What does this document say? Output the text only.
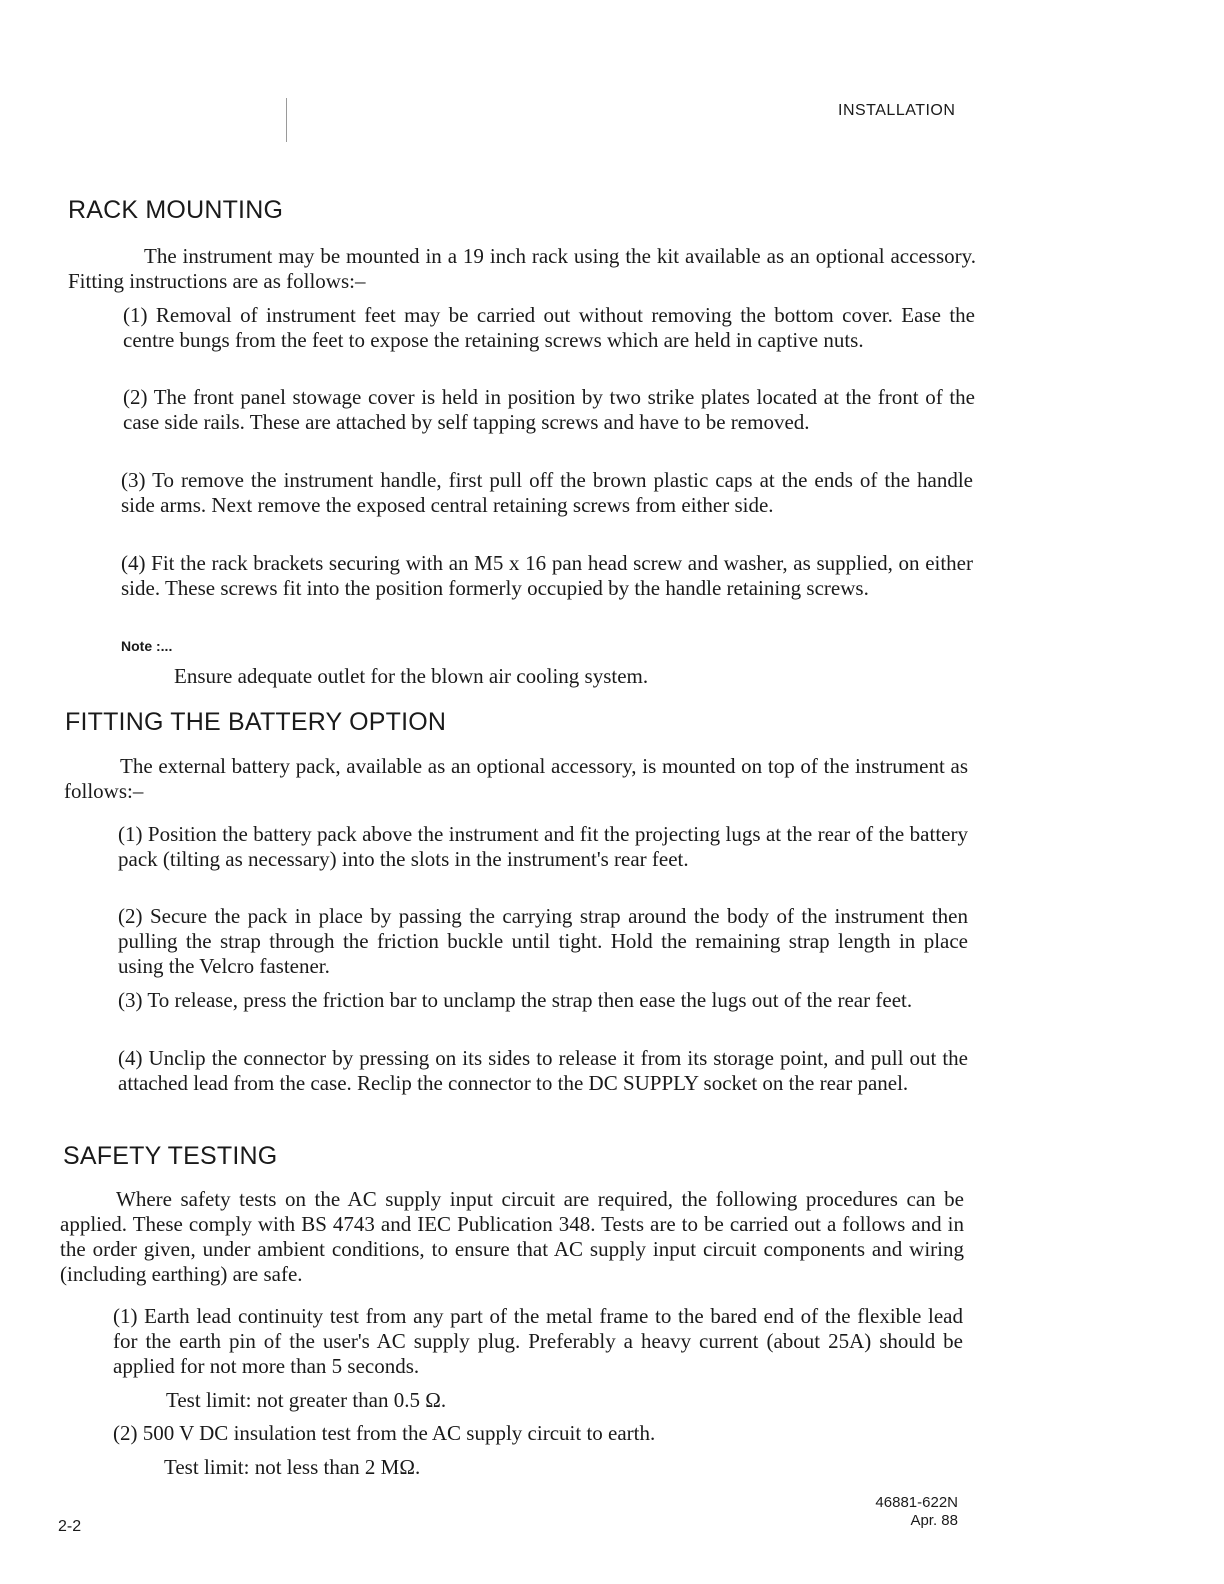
INSTALLATION
RACK MOUNTING
The instrument may be mounted in a 19 inch rack using the kit available as an optional accessory. Fitting instructions are as follows:–
(1) Removal of instrument feet may be carried out without removing the bottom cover. Ease the centre bungs from the feet to expose the retaining screws which are held in captive nuts.
(2) The front panel stowage cover is held in position by two strike plates located at the front of the case side rails. These are attached by self tapping screws and have to be removed.
(3) To remove the instrument handle, first pull off the brown plastic caps at the ends of the handle side arms. Next remove the exposed central retaining screws from either side.
(4) Fit the rack brackets securing with an M5 x 16 pan head screw and washer, as supplied, on either side. These screws fit into the position formerly occupied by the handle retaining screws.
Note :...
Ensure adequate outlet for the blown air cooling system.
FITTING THE BATTERY OPTION
The external battery pack, available as an optional accessory, is mounted on top of the instrument as follows:–
(1) Position the battery pack above the instrument and fit the projecting lugs at the rear of the battery pack (tilting as necessary) into the slots in the instrument's rear feet.
(2) Secure the pack in place by passing the carrying strap around the body of the instrument then pulling the strap through the friction buckle until tight. Hold the remaining strap length in place using the Velcro fastener.
(3) To release, press the friction bar to unclamp the strap then ease the lugs out of the rear feet.
(4) Unclip the connector by pressing on its sides to release it from its storage point, and pull out the attached lead from the case. Reclip the connector to the DC SUPPLY socket on the rear panel.
SAFETY TESTING
Where safety tests on the AC supply input circuit are required, the following procedures can be applied. These comply with BS 4743 and IEC Publication 348. Tests are to be carried out a follows and in the order given, under ambient conditions, to ensure that AC supply input circuit components and wiring (including earthing) are safe.
(1) Earth lead continuity test from any part of the metal frame to the bared end of the flexible lead for the earth pin of the user's AC supply plug. Preferably a heavy current (about 25A) should be applied for not more than 5 seconds.
Test limit: not greater than 0.5 Ω.
(2) 500 V DC insulation test from the AC supply circuit to earth.
Test limit: not less than 2 MΩ.
2-2
46881-622N
Apr. 88
